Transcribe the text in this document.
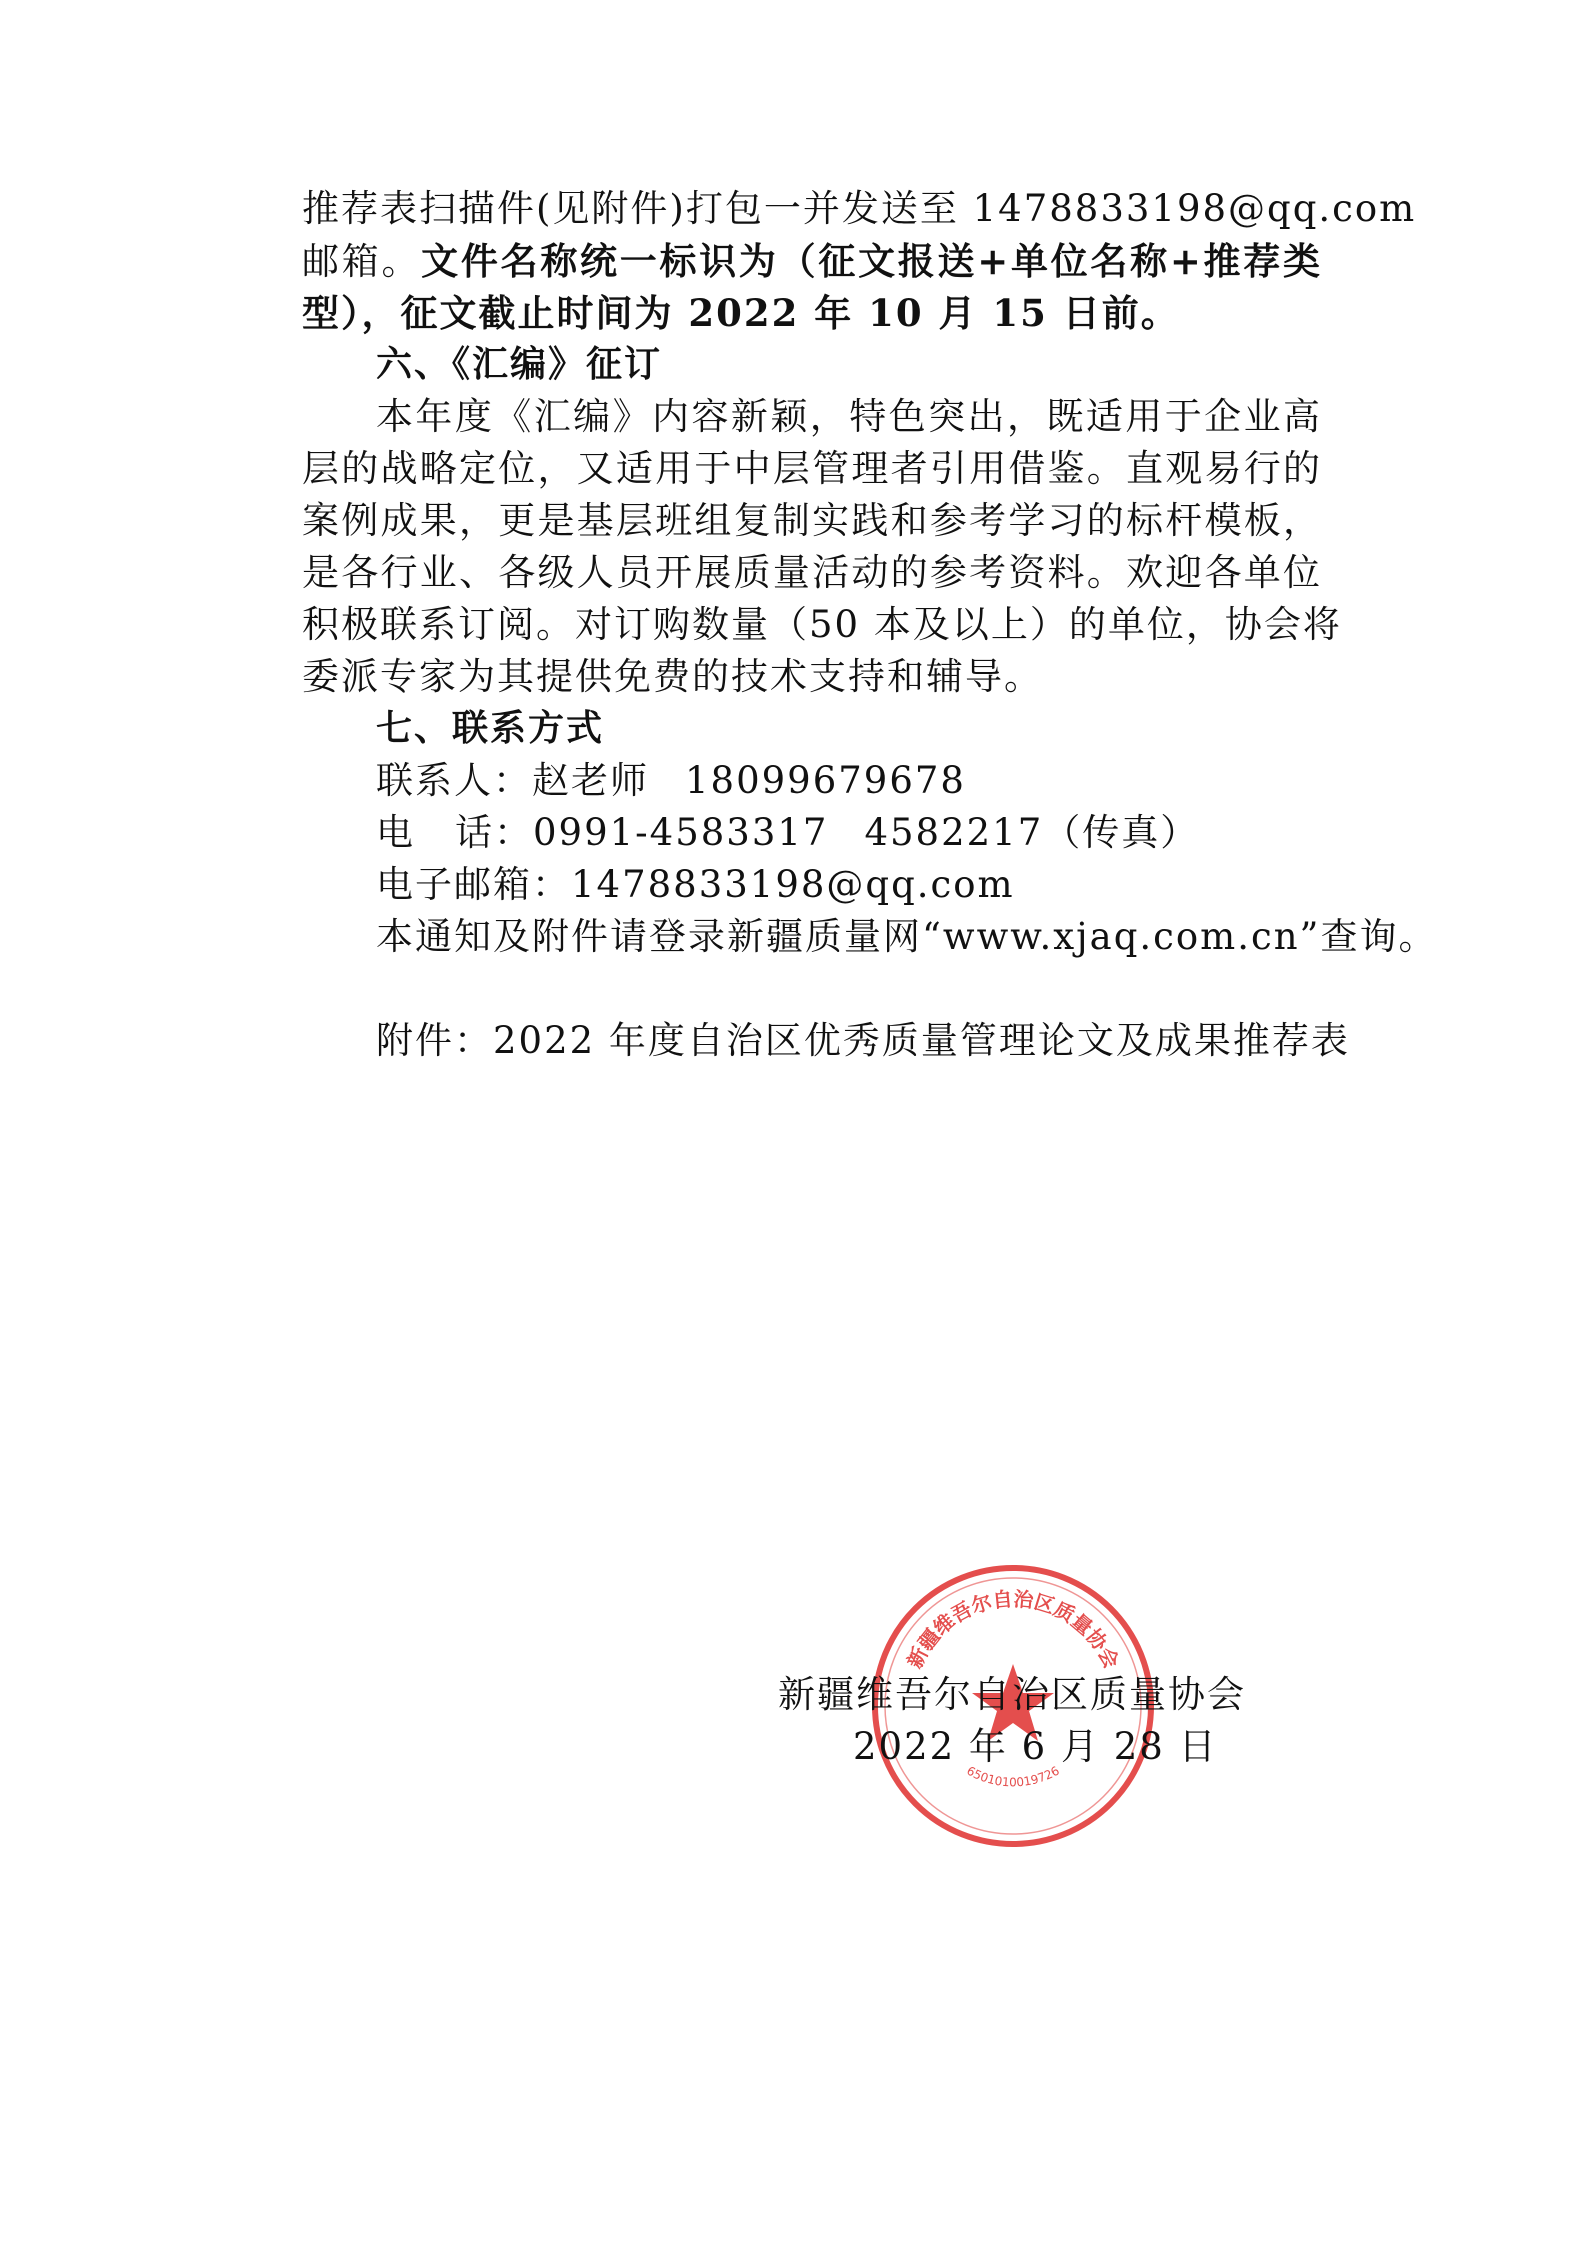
推荐表扫描件(见附件)打包一并发送至 1478833198@qq.com
邮箱。文件名称统一标识为（征文报送+单位名称+推荐类
型），征文截止时间为 2022 年 10 月 15 日前。
六、《汇编》征订
本年度《汇编》内容新颖，特色突出，既适用于企业高
层的战略定位，又适用于中层管理者引用借鉴。直观易行的
案例成果，更是基层班组复制实践和参考学习的标杆模板，
是各行业、各级人员开展质量活动的参考资料。欢迎各单位
积极联系订阅。对订购数量（50 本及以上）的单位，协会将
委派专家为其提供免费的技术支持和辅导。
七、联系方式
联系人：赵老师 18099679678
电 话：0991-4583317 4582217（传真）
电子邮箱：1478833198@qq.com
本通知及附件请登录新疆质量网“www.xjaq.com.cn”查询。
附件：2022 年度自治区优秀质量管理论文及成果推荐表
新疆维吾尔自治区质量协会
6501010019726
新疆维吾尔自治区质量协会
2022 年 6 月 28 日
